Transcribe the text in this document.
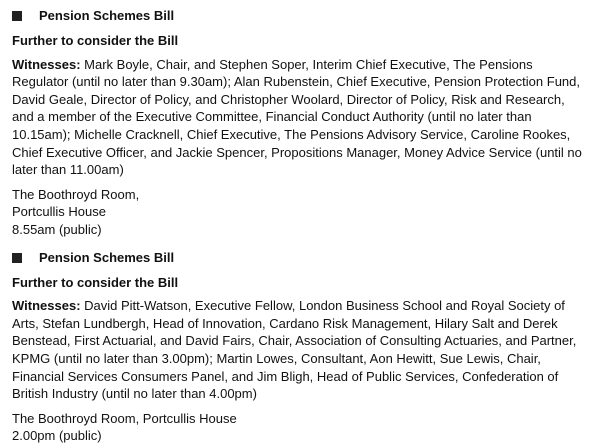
Pension Schemes Bill
Further to consider the Bill
Witnesses: Mark Boyle, Chair, and Stephen Soper, Interim Chief Executive, The Pensions Regulator (until no later than 9.30am); Alan Rubenstein, Chief Executive, Pension Protection Fund, David Geale, Director of Policy, and Christopher Woolard, Director of Policy, Risk and Research, and a member of the Executive Committee, Financial Conduct Authority (until no later than 10.15am); Michelle Cracknell, Chief Executive, The Pensions Advisory Service, Caroline Rookes, Chief Executive Officer, and Jackie Spencer, Propositions Manager, Money Advice Service (until no later than 11.00am)
The Boothroyd Room,
Portcullis House
8.55am (public)
Pension Schemes Bill
Further to consider the Bill
Witnesses: David Pitt-Watson, Executive Fellow, London Business School and Royal Society of Arts, Stefan Lundbergh, Head of Innovation, Cardano Risk Management, Hilary Salt and Derek Benstead, First Actuarial, and David Fairs, Chair, Association of Consulting Actuaries, and Partner, KPMG (until no later than 3.00pm); Martin Lowes, Consultant, Aon Hewitt, Sue Lewis, Chair, Financial Services Consumers Panel, and Jim Bligh, Head of Public Services, Confederation of British Industry (until no later than 4.00pm)
The Boothroyd Room, Portcullis House
2.00pm (public)
